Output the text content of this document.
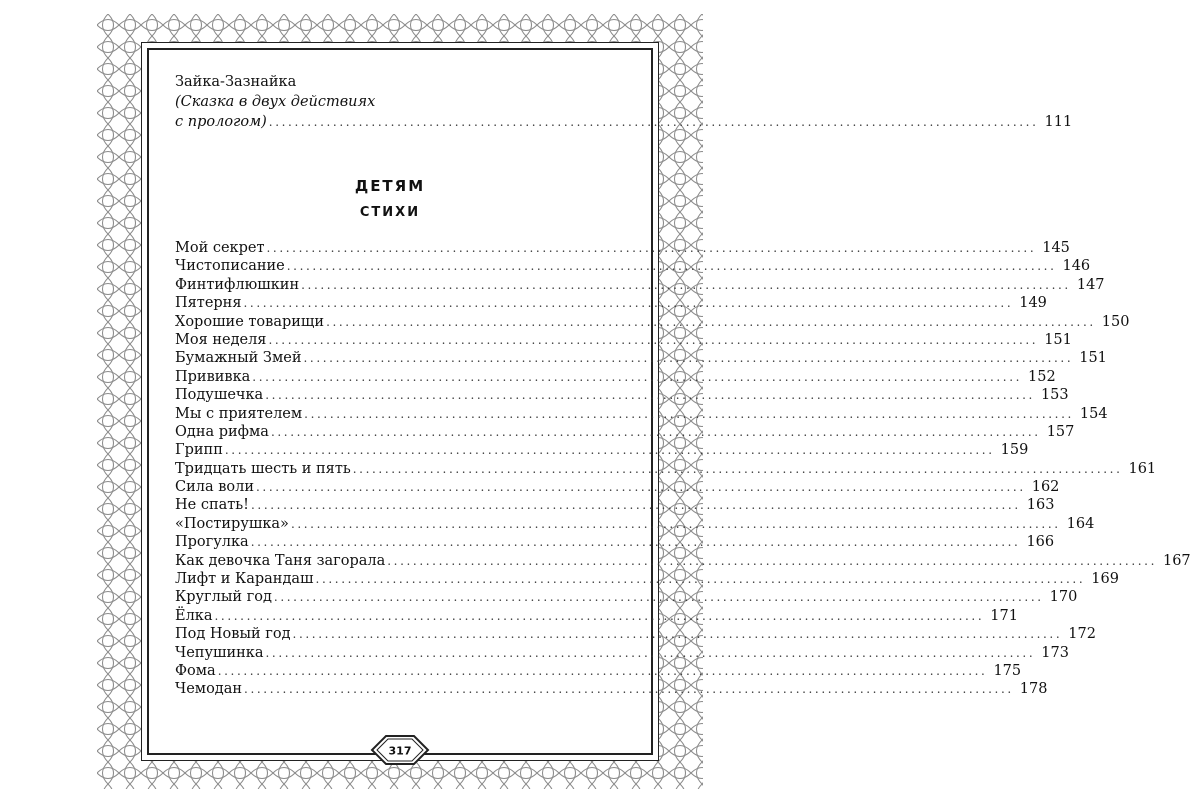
Зайка-Зазнайка
(Сказка в двух действиях
с прологом) ........................................................................................................................ 111
ДЕТЯМ
СТИХИ
Мой секрет ........................................................................................................................ 145
Чистописание ........................................................................................................................ 146
Финтифлюшкин ........................................................................................................................ 147
Пятерня ........................................................................................................................ 149
Хорошие товарищи ........................................................................................................................ 150
Моя неделя ........................................................................................................................ 151
Бумажный Змей ........................................................................................................................ 151
Прививка ........................................................................................................................ 152
Подушечка ........................................................................................................................ 153
Мы с приятелем ........................................................................................................................ 154
Одна рифма ........................................................................................................................ 157
Грипп ........................................................................................................................ 159
Тридцать шесть и пять ........................................................................................................................ 161
Сила воли ........................................................................................................................ 162
Не спать! ........................................................................................................................ 163
«Постирушка» ........................................................................................................................ 164
Прогулка ........................................................................................................................ 166
Как девочка Таня загорала ........................................................................................................................ 167
Лифт и Карандаш ........................................................................................................................ 169
Круглый год ........................................................................................................................ 170
Ёлка ........................................................................................................................ 171
Под Новый год ........................................................................................................................ 172
Чепушинка ........................................................................................................................ 173
Фома ........................................................................................................................ 175
Чемодан ........................................................................................................................ 178
317
